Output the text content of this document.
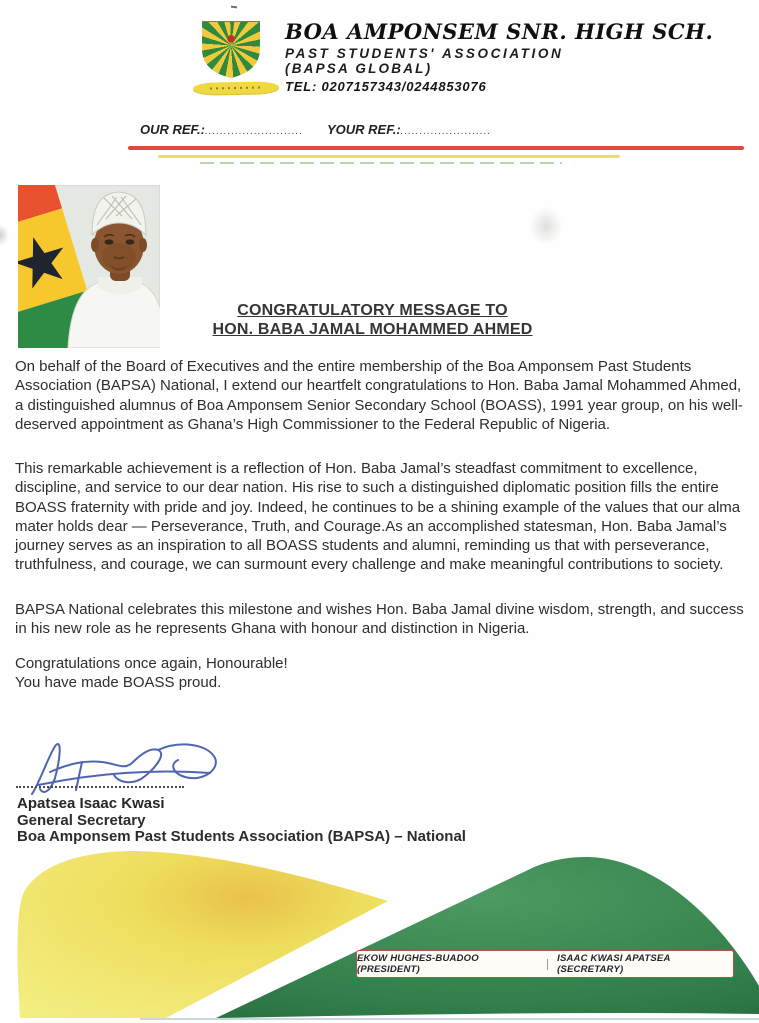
BOA AMPONSEM SNR. HIGH SCH.
PAST STUDENTS' ASSOCIATION
(BAPSA GLOBAL)
TEL: 0207157343/0244853076
OUR REF.:.......................... YOUR REF.:........................
CONGRATULATORY MESSAGE TO
HON. BABA JAMAL MOHAMMED AHMED

On behalf of the Board of Executives and the entire membership of the Boa Amponsem Past Students Association (BAPSA) National, I extend our heartfelt congratulations to Hon. Baba Jamal Mohammed Ahmed, a distinguished alumnus of Boa Amponsem Senior Secondary School (BOASS), 1991 year group, on his well-deserved appointment as Ghana’s High Commissioner to the Federal Republic of Nigeria.

This remarkable achievement is a reflection of Hon. Baba Jamal’s steadfast commitment to excellence, discipline, and service to our dear nation. His rise to such a distinguished diplomatic position fills the entire BOASS fraternity with pride and joy. Indeed, he continues to be a shining example of the values that our alma mater holds dear — Perseverance, Truth, and Courage.As an accomplished statesman, Hon. Baba Jamal’s journey serves as an inspiration to all BOASS students and alumni, reminding us that with perseverance, truthfulness, and courage, we can surmount every challenge and make meaningful contributions to society.

BAPSA National celebrates this milestone and wishes Hon. Baba Jamal divine wisdom, strength, and success in his new role as he represents Ghana with honour and distinction in Nigeria.

Congratulations once again, Honourable!
You have made BOASS proud.
Apatsea Isaac Kwasi
General Secretary
Boa Amponsem Past Students Association (BAPSA) – National
EKOW HUGHES-BUADOO (PRESIDENT)
ISAAC KWASI APATSEA (SECRETARY)
